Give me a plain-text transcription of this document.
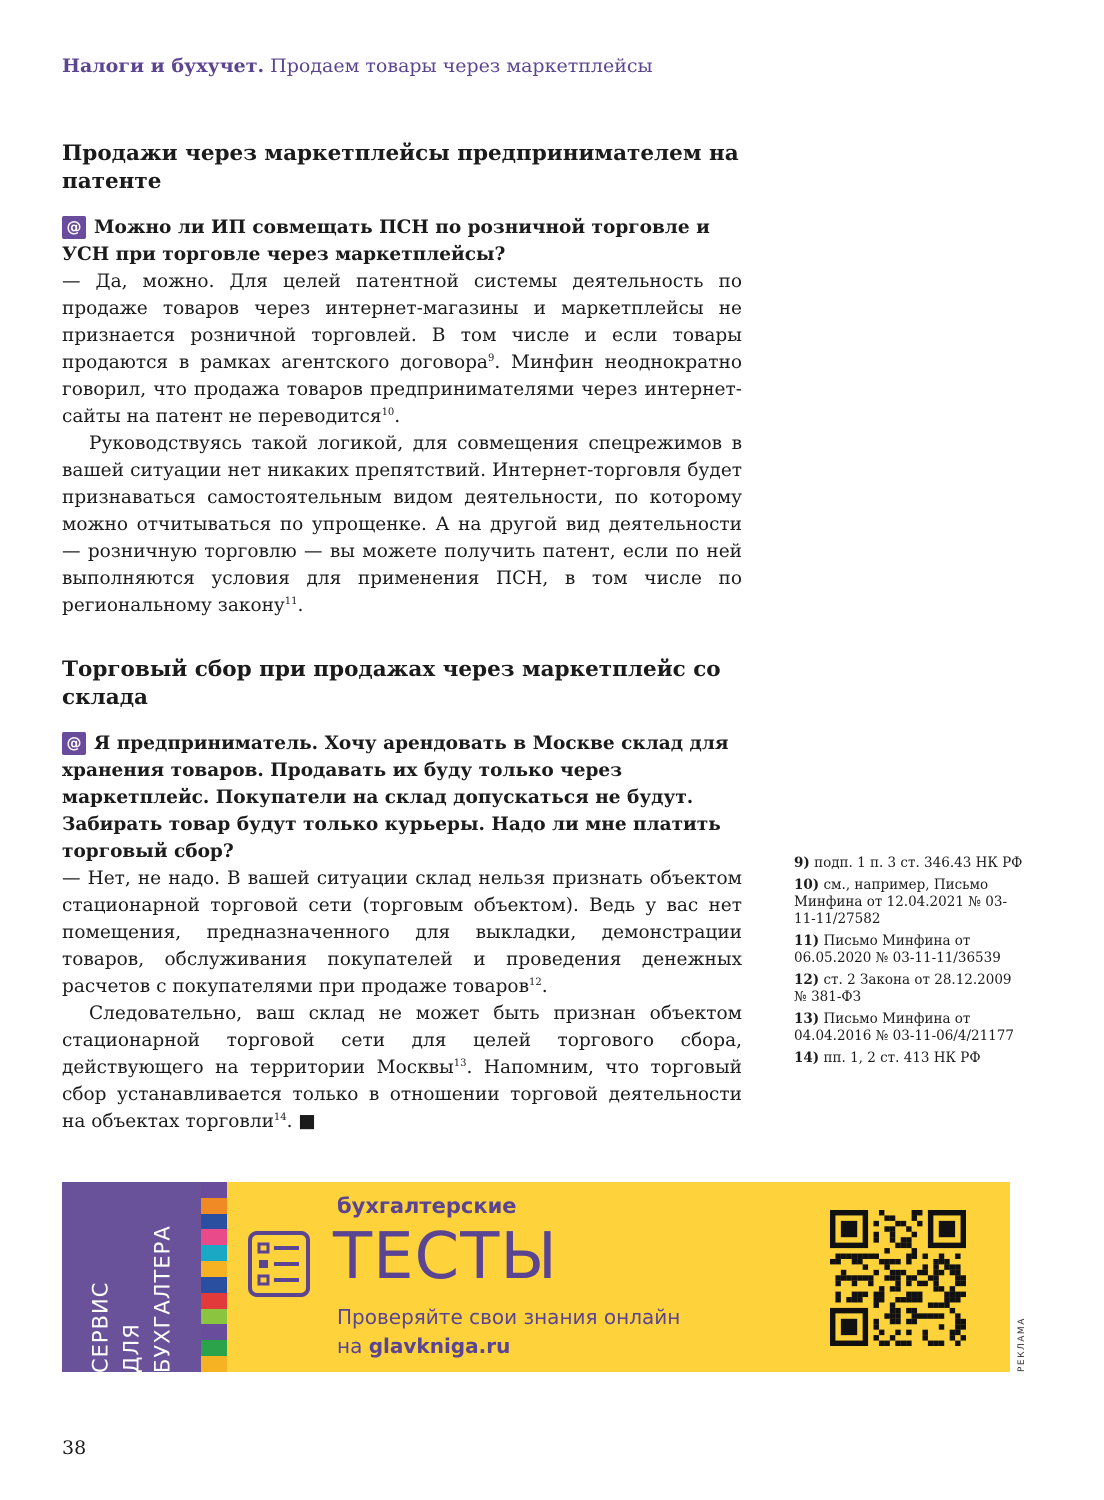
Налоги и бухучет. Продаем товары через маркетплейсы
Продажи через маркетплейсы предпринимателем на патенте
@ Можно ли ИП совмещать ПСН по розничной торговле и УСН при торговле через маркетплейсы?

— Да, можно. Для целей патентной системы деятельность по продаже товаров через интернет-магазины и маркетплейсы не признается розничной торговлей. В том числе и если товары продаются в рамках агентского договора$^9$. Минфин неоднократно говорил, что продажа товаров предпринимателями через интернет-сайты на патент не переводится$^{10}$.

Руководствуясь такой логикой, для совмещения спецрежимов в вашей ситуации нет никаких препятствий. Интернет-торговля будет признаваться самостоятельным видом деятельности, по которому можно отчитываться по упрощенке. А на другой вид деятельности — розничную торговлю — вы можете получить патент, если по ней выполняются условия для применения ПСН, в том числе по региональному закону$^{11}$.

Торговый сбор при продажах через маркетплейс со склада
@ Я предприниматель. Хочу арендовать в Москве склад для хранения товаров. Продавать их буду только через маркетплейс. Покупатели на склад допускаться не будут. Забирать товар будут только курьеры. Надо ли мне платить торговый сбор?

— Нет, не надо. В вашей ситуации склад нельзя признать объектом стационарной торговой сети (торговым объектом). Ведь у вас нет помещения, предназначенного для выкладки, демонстрации товаров, обслуживания покупателей и проведения денежных расчетов с покупателями при продаже товаров$^{12}$.

Следовательно, ваш склад не может быть признан объектом стационарной торговой сети для целей торгового сбора, действующего на территории Москвы$^{13}$. Напомним, что торговый сбор устанавливается только в отношении торговой деятельности на объектах торговли$^{14}$. ■

9) подп. 1 п. 3 ст. 346.43 НК РФ
10) см., например, Письмо Минфина от 12.04.2021 № 03-11-11/27582
11) Письмо Минфина от 06.05.2020 № 03-11-11/36539
12) ст. 2 Закона от 28.12.2009 № 381-ФЗ
13) Письмо Минфина от 04.04.2016 № 03-11-06/4/21177
14) пп. 1, 2 ст. 413 НК РФ
СЕРВИС ДЛЯ БУХГАЛТЕРА
бухгалтерские
ТЕСТЫ
Проверяйте свои знания онлайн
на glavkniga.ru	РЕКЛАМА
38
